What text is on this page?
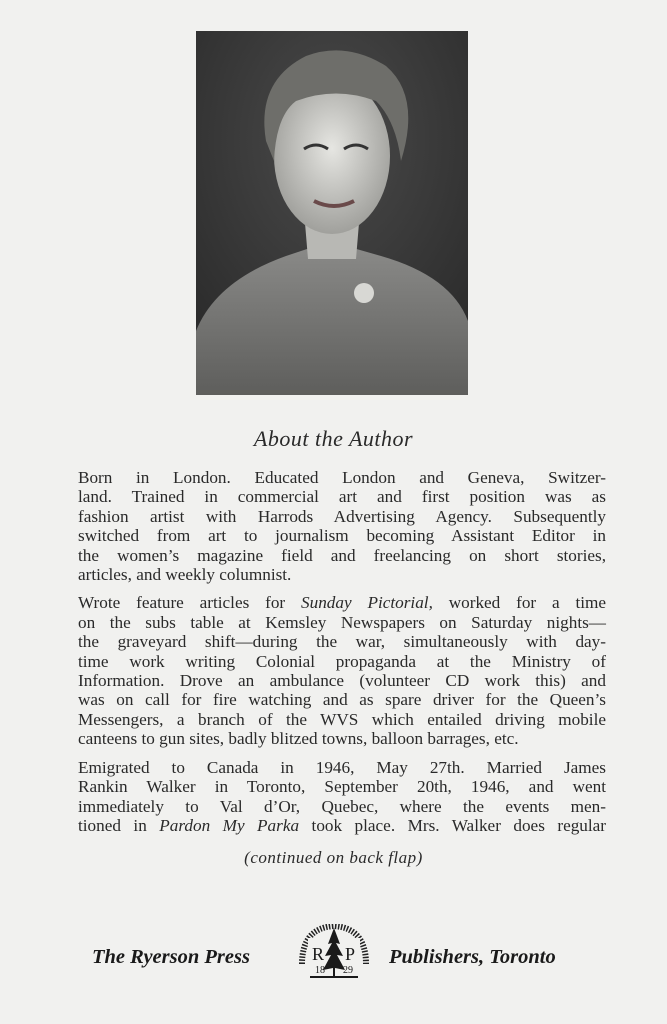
About the Author
Born in London. Educated London and Geneva, Switzer-
land. Trained in commercial art and first position was as
fashion artist with Harrods Advertising Agency. Subsequently
switched from art to journalism becoming Assistant Editor in
the women’s magazine field and freelancing on short stories,
articles, and weekly columnist.
Wrote feature articles for Sunday Pictorial, worked for a time
on the subs table at Kemsley Newspapers on Saturday nights—
the graveyard shift—during the war, simultaneously with day-
time work writing Colonial propaganda at the Ministry of
Information. Drove an ambulance (volunteer CD work this) and
was on call for fire watching and as spare driver for the Queen’s
Messengers, a branch of the WVS which entailed driving mobile
canteens to gun sites, badly blitzed towns, balloon barrages, etc.
Emigrated to Canada in 1946, May 27th. Married James
Rankin Walker in Toronto, September 20th, 1946, and went
immediately to Val d’Or, Quebec, where the events men-
tioned in Pardon My Parka took place. Mrs. Walker does regular
(continued on back flap)
The Ryerson Press	R P
18 29
Publishers, Toronto
